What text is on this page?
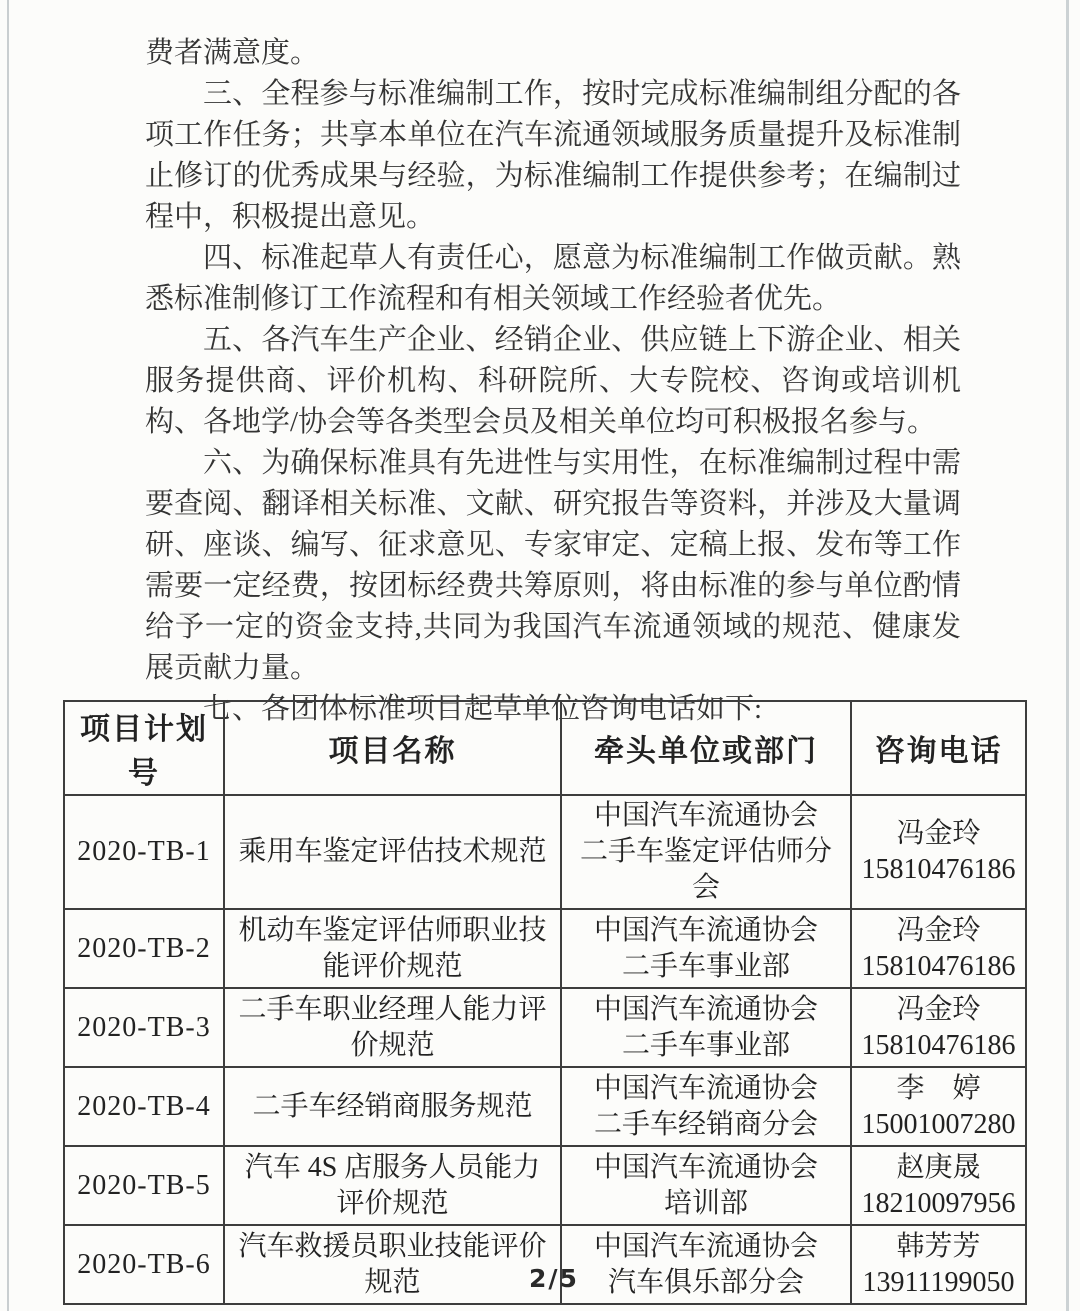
费者满意度。

三、全程参与标准编制工作，按时完成标准编制组分配的各项工作任务；共享本单位在汽车流通领域服务质量提升及标准制止修订的优秀成果与经验，为标准编制工作提供参考；在编制过程中，积极提出意见。

四、标准起草人有责任心，愿意为标准编制工作做贡献。熟悉标准制修订工作流程和有相关领域工作经验者优先。

五、各汽车生产企业、经销企业、供应链上下游企业、相关服务提供商、评价机构、科研院所、大专院校、咨询或培训机构、各地学/协会等各类型会员及相关单位均可积极报名参与。

六、为确保标准具有先进性与实用性，在标准编制过程中需要查阅、翻译相关标准、文献、研究报告等资料，并涉及大量调研、座谈、编写、征求意见、专家审定、定稿上报、发布等工作需要一定经费，按团标经费共筹原则，将由标准的参与单位酌情给予一定的资金支持,共同为我国汽车流通领域的规范、健康发展贡献力量。

七、各团体标准项目起草单位咨询电话如下:

项目计划号	项目名称	牵头单位或部门	咨询电话
2020-TB-1	乘用车鉴定评估技术规范	中国汽车流通协会
二手车鉴定评估师分会	冯金玲
15810476186

2020-TB-2	机动车鉴定评估师职业技能评价规范	中国汽车流通协会
二手车事业部	冯金玲
15810476186

2020-TB-3	二手车职业经理人能力评价规范	中国汽车流通协会
二手车事业部	冯金玲
15810476186

2020-TB-4	二手车经销商服务规范	中国汽车流通协会
二手车经销商分会	李　婷
15001007280

2020-TB-5	汽车 4S 店服务人员能力评价规范	中国汽车流通协会
培训部	赵庚晟
18210097956

2020-TB-6	汽车救援员职业技能评价规范	中国汽车流通协会
汽车俱乐部分会	韩芳芳
13911199050
2/5
